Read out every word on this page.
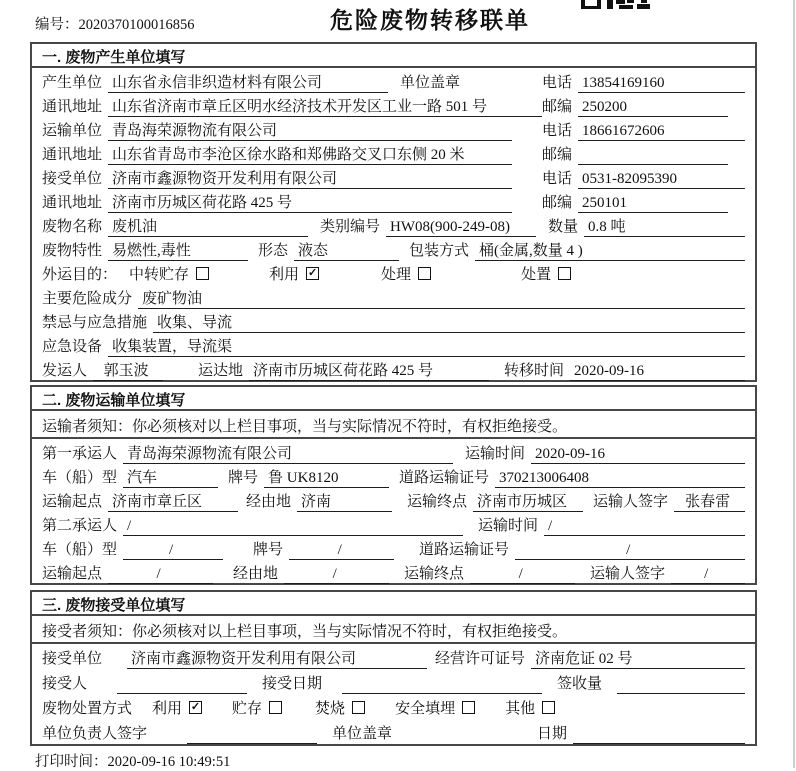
编号：2020370100016856	危险废物转移联单
一. 废物产生单位填写
产生单位 山东省永信非织造材料有限公司	单位盖章	电话 13854169160
通讯地址 山东省济南市章丘区明水经济技术开发区工业一路 501 号	邮编 250200
运输单位 青岛海荣源物流有限公司	电话 18661672606
通讯地址 山东省青岛市李沧区徐水路和郑佛路交叉口东侧 20 米	邮编
接受单位 济南市鑫源物资开发利用有限公司	电话 0531-82095390
通讯地址 济南市历城区荷花路 425 号	邮编 250101
废物名称 废机油	类别编号 HW08(900-249-08)	数量 0.8 吨
废物特性 易燃性,毒性	形态 液态	包装方式 桶(金属,数量 4 )
外运目的： 中转贮存	利用 ✓	处理	处置
主要危险成分 废矿物油
禁忌与应急措施 收集、导流
应急设备 收集装置，导流渠
发运人	郭玉波	运达地 济南市历城区荷花路 425 号	转移时间 2020-09-16
二. 废物运输单位填写
运输者须知：你必须核对以上栏目事项，当与实际情况不符时，有权拒绝接受。
第一承运人 青岛海荣源物流有限公司	运输时间 2020-09-16
车（船）型 汽车	牌号 鲁 UK8120	道路运输证号 370213006408
运输起点 济南市章丘区	经由地 济南	运输终点 济南市历城区	运输人签字	张春雷
第二承运人 /	运输时间 /
车（船）型	/	牌号	/	道路运输证号	/
运输起点	/	经由地	/	运输终点	/	运输人签字	/
三. 废物接受单位填写
接受者须知：你必须核对以上栏目事项，当与实际情况不符时，有权拒绝接受。
接受单位 济南市鑫源物资开发利用有限公司	经营许可证号 济南危证 02 号
接受人	接受日期	签收量
废物处置方式 利用 ✓ 贮存	焚烧	安全填埋	其他
单位负责人签字	单位盖章	日期
打印时间：2020-09-16 10:49:51
